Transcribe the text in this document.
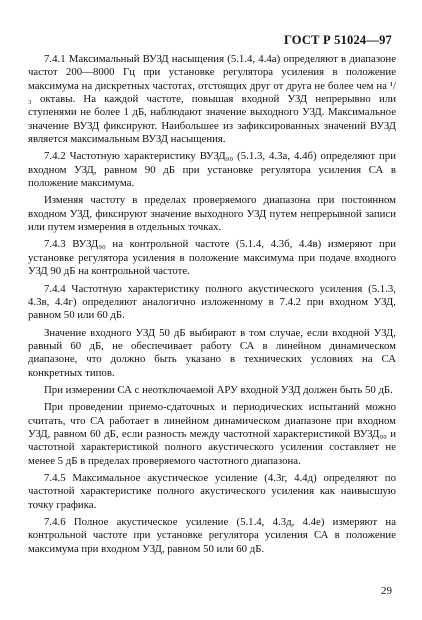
ГОСТ Р 51024—97

7.4.1 Максимальный ВУЗД насыщения (5.1.4, 4.4а) определяют в диапазоне частот 200—8000 Гц при установке регулятора усиления в положение максимума на дискретных частотах, отстоящих друг от друга не более чем на ¹/₃ октавы. На каждой частоте, повышая входной УЗД непрерывно или ступенями не более 1 дБ, наблюдают значение выходного УЗД. Максимальное значение ВУЗД фиксируют. Наибольшее из зафиксированных значений ВУЗД является максимальным ВУЗД насыщения.

7.4.2 Частотную характеристику ВУЗД₉₀ (5.1.3, 4.3а, 4.4б) определяют при входном УЗД, равном 90 дБ при установке регулятора усиления СА в положение максимума.

Изменяя частоту в пределах проверяемого диапазона при постоянном входном УЗД, фиксируют значение выходного УЗД путем непрерывной записи или путем измерения в отдельных точках.

7.4.3 ВУЗД₉₀ на контрольной частоте (5.1.4, 4.3б, 4.4в) измеряют при установке регулятора усиления в положение максимума при подаче входного УЗД 90 дБ на контрольной частоте.

7.4.4 Частотную характеристику полного акустического усиления (5.1.3, 4.3в, 4.4г) определяют аналогично изложенному в 7.4.2 при входном УЗД, равном 50 или 60 дБ.

Значение входного УЗД 50 дБ выбирают в том случае, если входной УЗД, равный 60 дБ, не обеспечивает работу СА в линейном динамическом диапазоне, что должно быть указано в технических условиях на СА конкретных типов.

При измерении СА с неотключаемой АРУ входной УЗД должен быть 50 дБ.

При проведении приемо-сдаточных и периодических испытаний можно считать, что СА работает в линейном динамическом диапазоне при входном УЗД, равном 60 дБ, если разность между частотной характеристикой ВУЗД₉₀ и частотной характеристикой полного акустического усиления составляет не менее 5 дБ в пределах проверяемого частотного диапазона.

7.4.5 Максимальное акустическое усиление (4.3г, 4.4д) определяют по частотной характеристике полного акустического усиления как наивысшую точку графика.

7.4.6 Полное акустическое усиление (5.1.4, 4.3д, 4.4е) измеряют на контрольной частоте при установке регулятора усиления СА в положение максимума при входном УЗД, равном 50 или 60 дБ.

29
